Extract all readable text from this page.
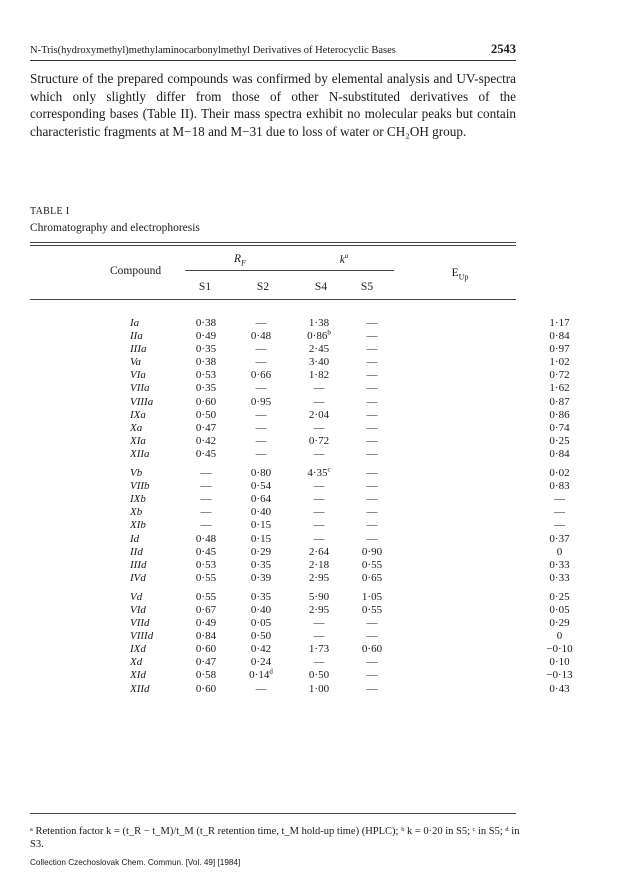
N-Tris(hydroxymethyl)methylaminocarbonylmethyl Derivatives of Heterocyclic Bases	2543

Structure of the prepared compounds was confirmed by elemental analysis and UV-spectra which only slightly differ from those of other N-substituted derivatives of the corresponding bases (Table II). Their mass spectra exhibit no molecular peaks but contain characteristic fragments at M−18 and M−31 due to loss of water or CH₂OH group.

TABLE I
Chromatography and electrophoresis
$R_F$	$k^a$
Compound	$E_{Up}$
S1	S2	S4	S5
Ia	0·38	—	1·38	—		1·17
IIa	0·49	0·48	$0\cdot 86^b$	—		0·84
IIIa	0·35	—	2·45	—		0·97
Va	0·38	—	3·40	—		1·02
VIa	0·53	0·66	1·82	—		0·72
VIIa	0·35	—	—	—		1·62
VIIIa	0·60	0·95	—	—		0·87
IXa	0·50	—	2·04	—		0·86
Xa	0·47	—	—	—		0·74
XIa	0·42	—	0·72	—		0·25
XIIa	0·45	—	—	—		0·84
Vb	—	0·80	$4\cdot 35^c$	—		0·02
VIIb	—	0·54	—	—		0·83
IXb	—	0·64	—	—		—
Xb	—	0·40	—	—		—
XIb	—	0·15	—	—		—
Id	0·48	0·15	—	—		0·37
IId	0·45	0·29	2·64	0·90		0
IIId	0·53	0·35	2·18	0·55		0·33
IVd	0·55	0·39	2·95	0·65		0·33
Vd	0·55	0·35	5·90	1·05		0·25
VId	0·67	0·40	2·95	0·55		0·05
VIId	0·49	0·05	—	—		0·29
VIIId	0·84	0·50	—	—		0
IXd	0·60	0·42	1·73	0·60		−0·10
Xd	0·47	0·24	—	—		0·10
XId	0·58	$0\cdot 14^d$	0·50	—		−0·13
XIId	0·60	—	1·00	—		0·43

ᵃ Retention factor k = (t_R − t_M)/t_M (t_R retention time, t_M hold-up time) (HPLC); ᵇ k = 0·20 in S5; ᶜ in S5; ᵈ in S3.

Collection Czechoslovak Chem. Commun. [Vol. 49] [1984]
